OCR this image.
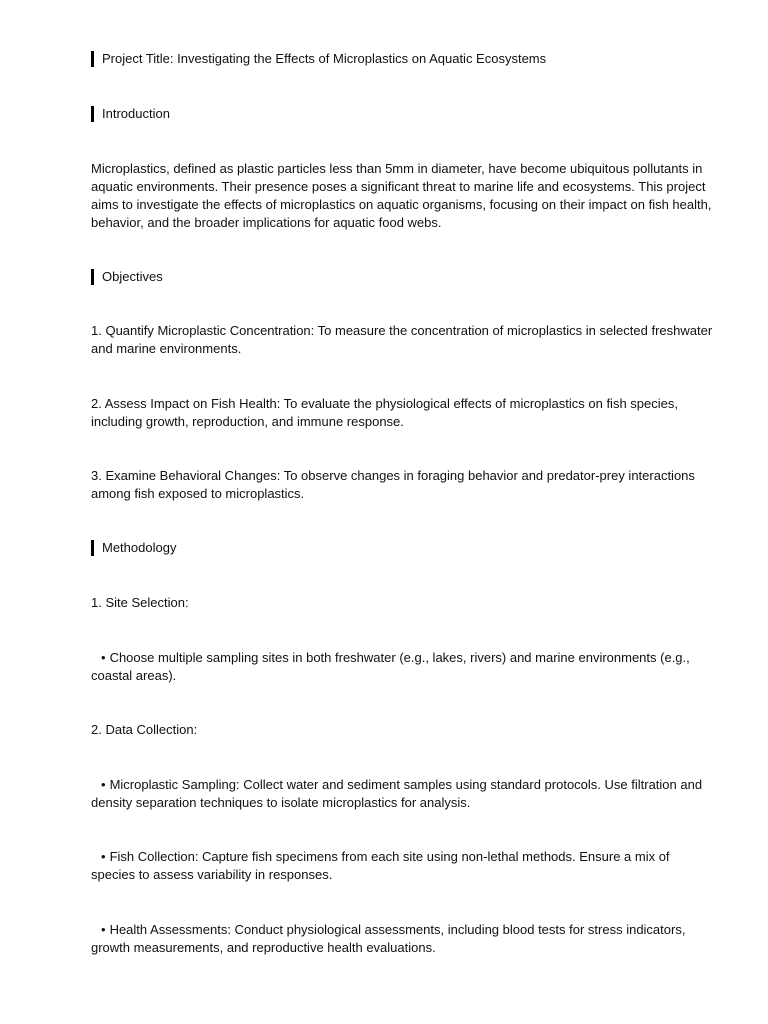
Project Title: Investigating the Effects of Microplastics on Aquatic Ecosystems
Introduction

Microplastics, defined as plastic particles less than 5mm in diameter, have become ubiquitous pollutants in aquatic environments. Their presence poses a significant threat to marine life and ecosystems. This project aims to investigate the effects of microplastics on aquatic organisms, focusing on their impact on fish health, behavior, and the broader implications for aquatic food webs.

Objectives

1. Quantify Microplastic Concentration: To measure the concentration of microplastics in selected freshwater and marine environments.

2. Assess Impact on Fish Health: To evaluate the physiological effects of microplastics on fish species, including growth, reproduction, and immune response.

3. Examine Behavioral Changes: To observe changes in foraging behavior and predator-prey interactions among fish exposed to microplastics.

Methodology

1. Site Selection:

• Choose multiple sampling sites in both freshwater (e.g., lakes, rivers) and marine environments (e.g., coastal areas).

2. Data Collection:

• Microplastic Sampling: Collect water and sediment samples using standard protocols. Use filtration and density separation techniques to isolate microplastics for analysis.

• Fish Collection: Capture fish specimens from each site using non-lethal methods. Ensure a mix of species to assess variability in responses.

• Health Assessments: Conduct physiological assessments, including blood tests for stress indicators, growth measurements, and reproductive health evaluations.
